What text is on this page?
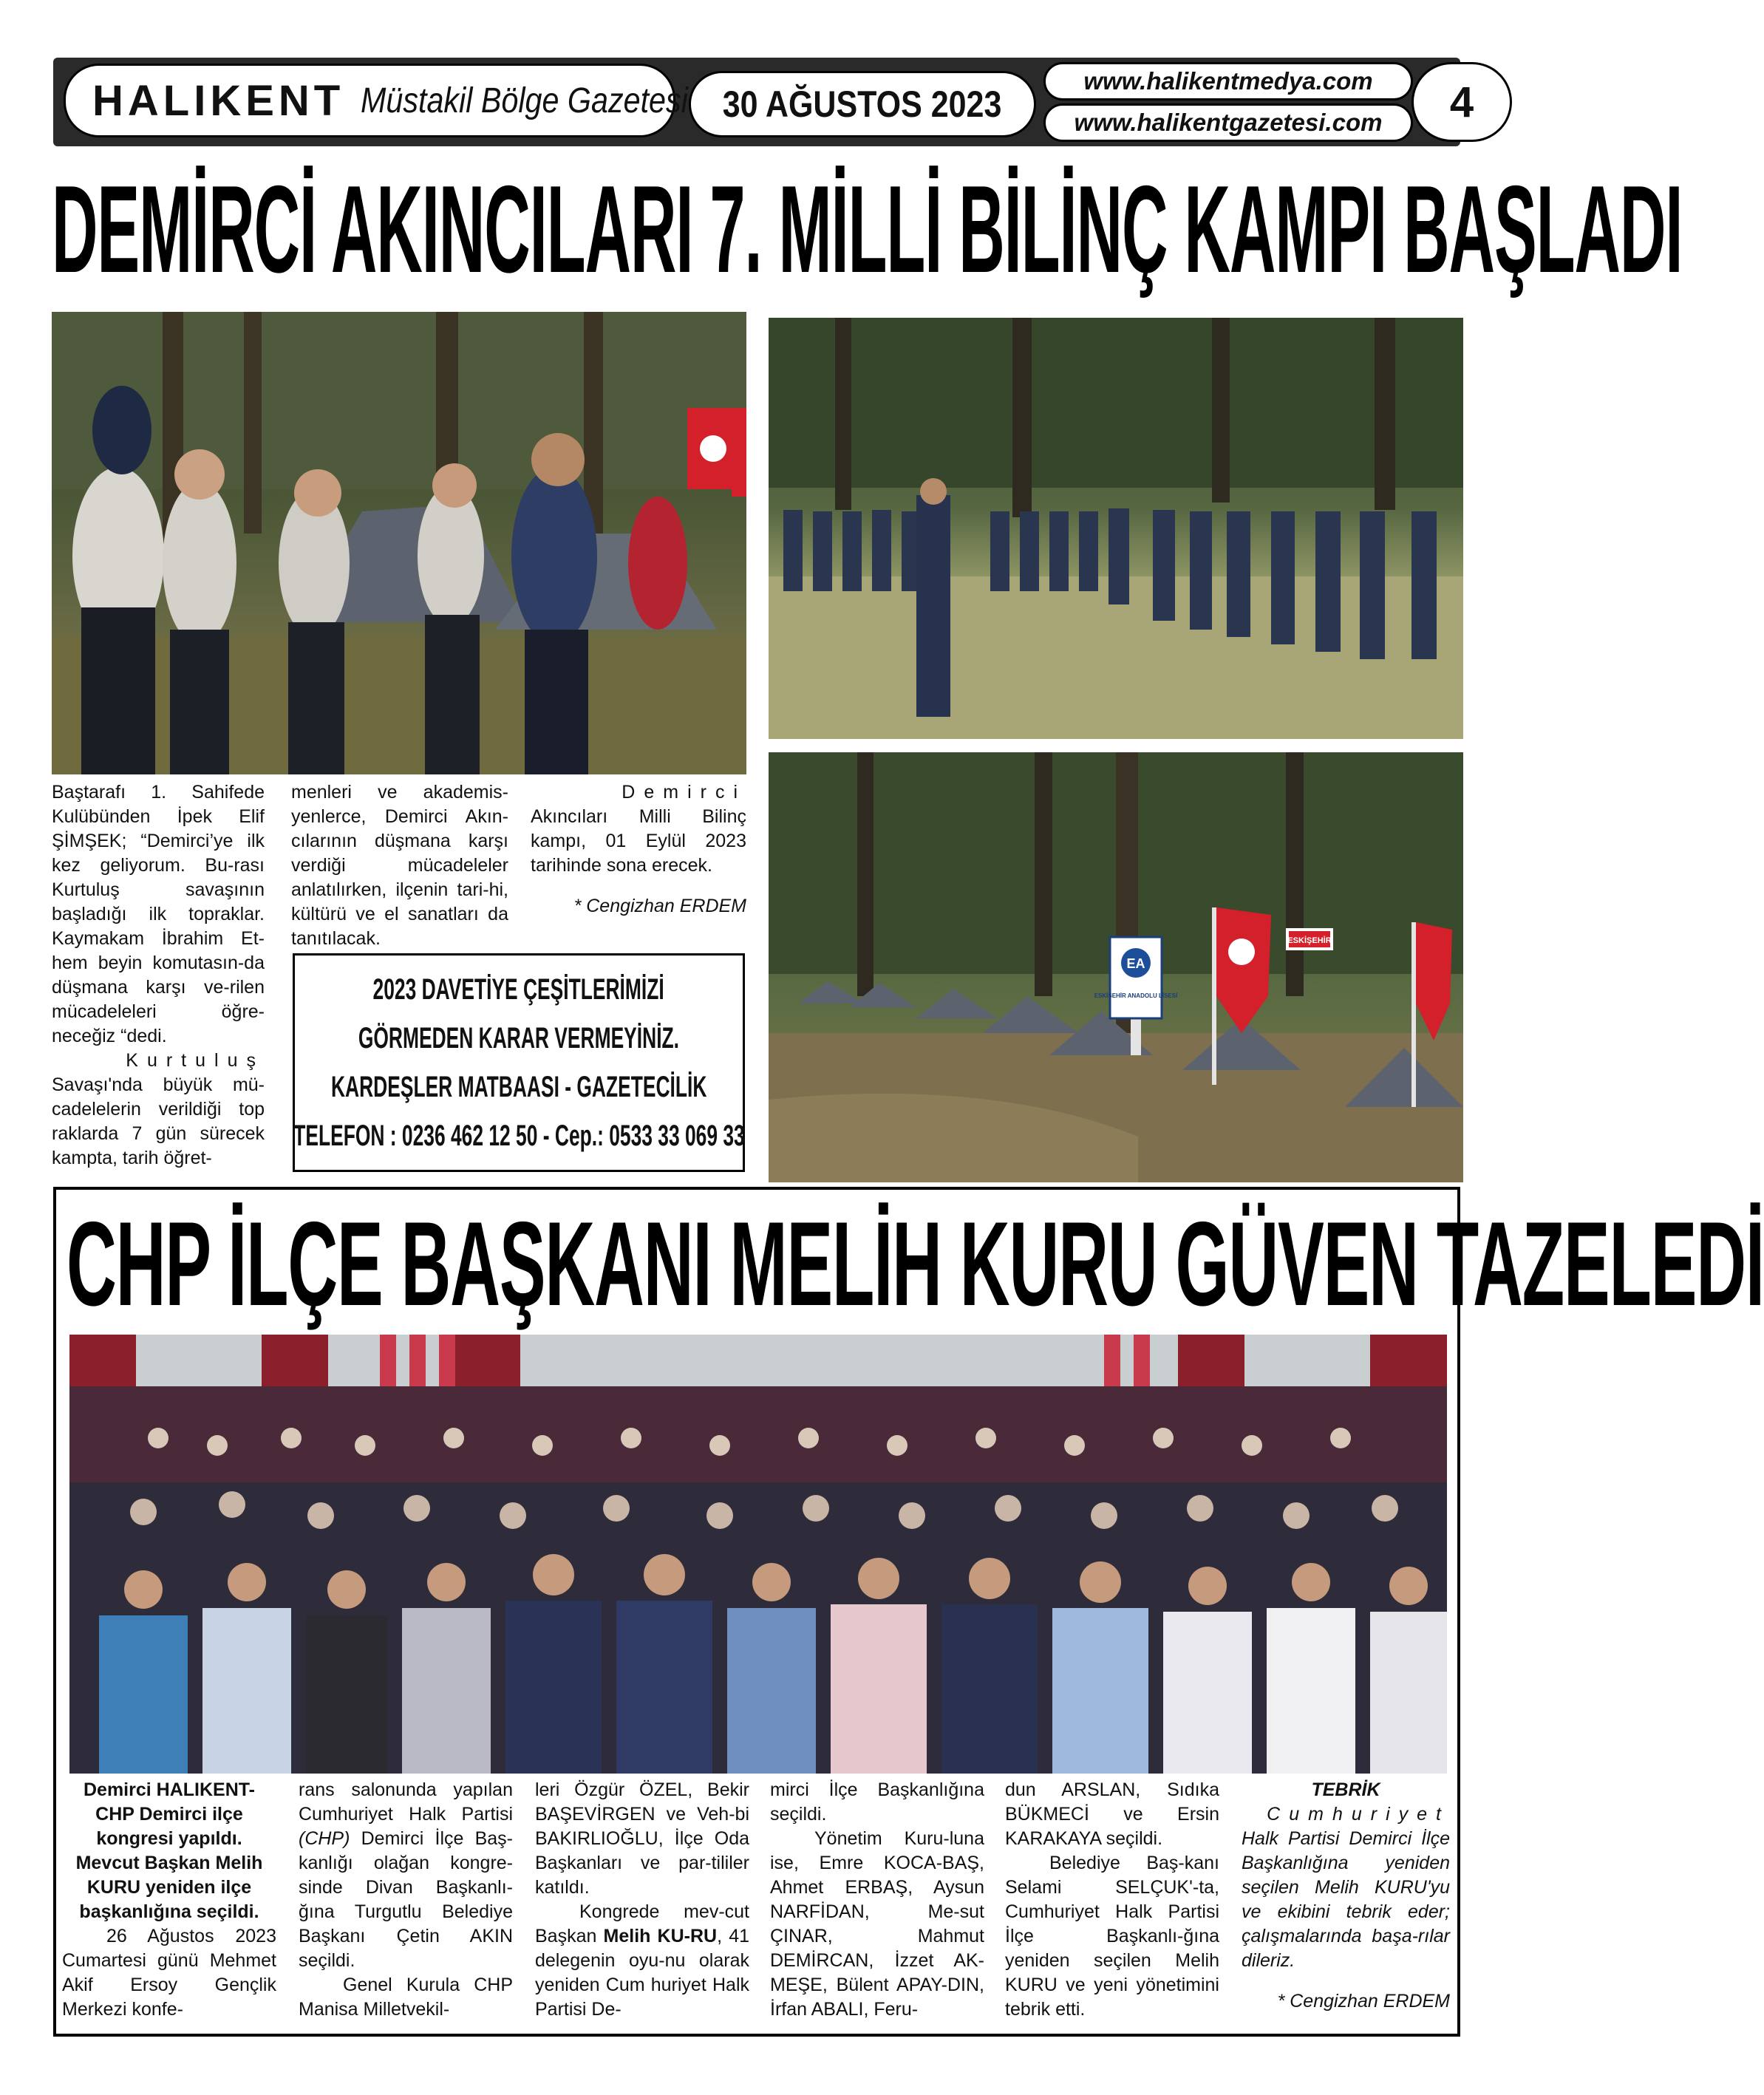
HALIKENT Müstakil Bölge Gazetesi 30 AĞUSTOS 2023
www.halikentmedya.com
www.halikentgazetesi.com	4
DEMİRCİ AKINCILARI 7. MİLLİ BİLİNÇ KAMPI BAŞLADI
EA
ESKİŞEHİR ANADOLU LİSESİ
ESKİŞEHİR

Baştarafı 1. Sahifede Kulübünden İpek Elif ŞİMŞEK; “Demirci’ye ilk kez geliyorum. Bu-rası Kurtuluş savaşının başladığı ilk topraklar. Kaymakam İbrahim Et-hem beyin komutasın-da düşmana karşı ve-rilen mücadeleleri öğre-neceğiz “dedi.

Kurtuluş

Savaşı'nda büyük mü-cadelelerin verildiği top raklarda 7 gün sürecek kampta, tarih öğret-

menleri ve akademis-yenlerce, Demirci Akın-cılarının düşmana karşı verdiği mücadeleler anlatılırken, ilçenin tari-hi, kültürü ve el sanatları da tanıtılacak.

Demirci

Akıncıları Milli Bilinç kampı, 01 Eylül 2023 tarihinde sona erecek.

* Cengizhan ERDEM

2023 DAVETİYE ÇEŞİTLERİMİZİ
GÖRMEDEN KARAR VERMEYİNİZ.
KARDEŞLER MATBAASI - GAZETECİLİK
TELEFON : 0236 462 12 50 - Cep.: 0533 33 069 33
CHP İLÇE BAŞKANI MELİH KURU GÜVEN TAZELEDİ

Demirci HALIKENT- CHP Demirci ilçe kongresi yapıldı. Mevcut Başkan Melih KURU yeniden ilçe başkanlığına seçildi.

26 Ağustos 2023 Cumartesi günü Mehmet Akif Ersoy Gençlik Merkezi konfe-

rans salonunda yapılan Cumhuriyet Halk Partisi (CHP) Demirci İlçe Baş-kanlığı olağan kongre-sinde Divan Başkanlı-ğına Turgutlu Belediye Başkanı Çetin AKIN seçildi.

Genel Kurula CHP Manisa Milletvekil-

leri Özgür ÖZEL, Bekir BAŞEVİRGEN ve Veh-bi BAKIRLIOĞLU, İlçe Oda Başkanları ve par-tililer katıldı.

Kongrede mev-cut Başkan Melih KU-RU, 41 delegenin oyu-nu olarak yeniden Cum huriyet Halk Partisi De-

mirci İlçe Başkanlığına seçildi.

Yönetim Kuru-luna ise, Emre KOCA-BAŞ, Ahmet ERBAŞ, Aysun NARFİDAN, Me-sut ÇINAR, Mahmut DEMİRCAN, İzzet AK-MEŞE, Bülent APAY-DIN, İrfan ABALI, Feru-

dun ARSLAN, Sıdıka BÜKMECİ ve Ersin KARAKAYA seçildi.

Belediye Baş-kanı Selami SELÇUK'-ta, Cumhuriyet Halk Partisi İlçe Başkanlı-ğına yeniden seçilen Melih KURU ve yeni yönetimini tebrik etti.

TEBRİK

Cumhuriyet

Halk Partisi Demirci İlçe Başkanlığına yeniden seçilen Melih KURU'yu ve ekibini tebrik eder; çalışmalarında başa-rılar dileriz.

* Cengizhan ERDEM
